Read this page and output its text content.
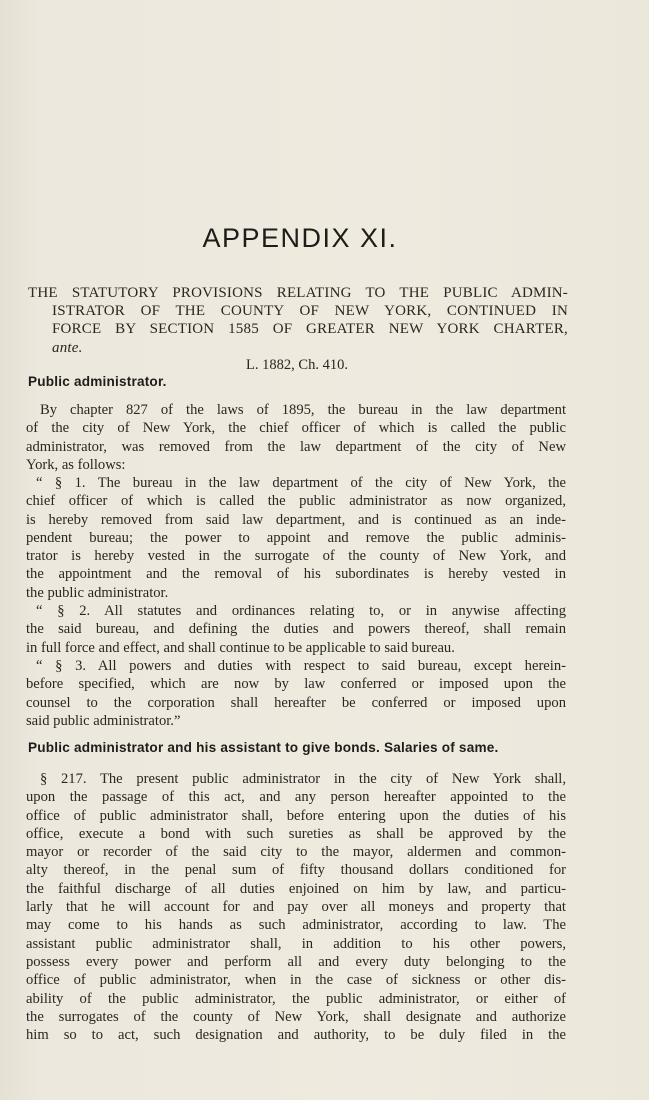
APPENDIX XI.
THE STATUTORY PROVISIONS RELATING TO THE PUBLIC ADMIN-
ISTRATOR OF THE COUNTY OF NEW YORK, CONTINUED IN
FORCE BY SECTION 1585 OF GREATER NEW YORK CHARTER,
ante.
L. 1882, Ch. 410.
Public administrator.

By chapter 827 of the laws of 1895, the bureau in the law department
of the city of New York, the chief officer of which is called the public
administrator, was removed from the law department of the city of New
York, as follows:

“ § 1. The bureau in the law department of the city of New York, the
chief officer of which is called the public administrator as now organized,
is hereby removed from said law department, and is continued as an inde-
pendent bureau; the power to appoint and remove the public adminis-
trator is hereby vested in the surrogate of the county of New York, and
the appointment and the removal of his subordinates is hereby vested in
the public administrator.

“ § 2. All statutes and ordinances relating to, or in anywise affecting
the said bureau, and defining the duties and powers thereof, shall remain
in full force and effect, and shall continue to be applicable to said bureau.

“ § 3. All powers and duties with respect to said bureau, except herein-
before specified, which are now by law conferred or imposed upon the
counsel to the corporation shall hereafter be conferred or imposed upon
said public administrator.”

Public administrator and his assistant to give bonds. Salaries of same.

§ 217. The present public administrator in the city of New York shall,
upon the passage of this act, and any person hereafter appointed to the
office of public administrator shall, before entering upon the duties of his
office, execute a bond with such sureties as shall be approved by the
mayor or recorder of the said city to the mayor, aldermen and common-
alty thereof, in the penal sum of fifty thousand dollars conditioned for
the faithful discharge of all duties enjoined on him by law, and particu-
larly that he will account for and pay over all moneys and property that
may come to his hands as such administrator, according to law. The
assistant public administrator shall, in addition to his other powers,
possess every power and perform all and every duty belonging to the
office of public administrator, when in the case of sickness or other dis-
ability of the public administrator, the public administrator, or either of
the surrogates of the county of New York, shall designate and authorize
him so to act, such designation and authority, to be duly filed in the
